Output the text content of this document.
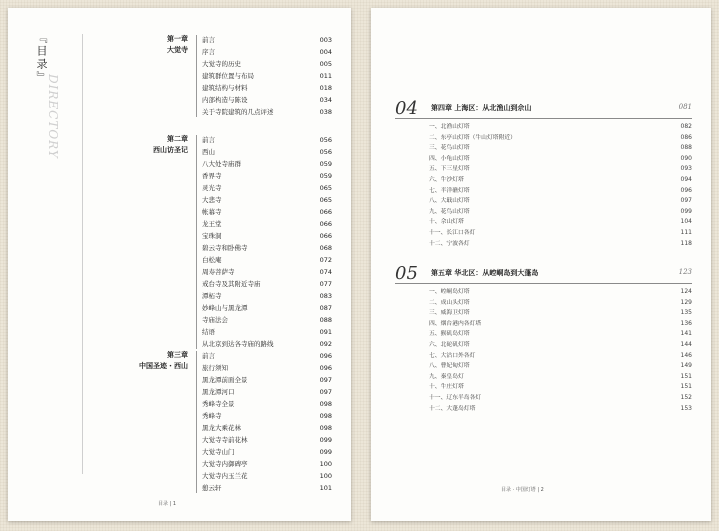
『目录』
DIRECTORY
第一章
大觉寺
前言	003
序言	004
大觉寺的历史	005
建筑群位置与布局	011
建筑结构与材料	018
内部构造与陈设	034
关于寺院建筑的几点评述	038
第二章
西山访圣记
前言	056
西山	056
八大处寺庙群	059
香界寺	059
灵光寺	065
大悲寺	065
帐幕寺	066
龙王堂	066
宝珠洞	066
碧云寺和卧佛寺	068
白松庵	072
周寿菩萨寺	074
戒台寺及其附近寺庙	077
潭柘寺	083
妙峰山与黑龙潭	087
寺庙法会	088
结语	091
从北京到达各寺庙的路线	092
第三章
中国圣迹・西山
前言	096
旅行须知	096
黑龙潭前面全景	097
黑龙潭河口	097
秀峰寺全景	098
秀峰寺	098
黑龙大乘花林	098
大觉寺寺前花林	099
大觉寺山门	099
大觉寺内御碑亭	100
大觉寺内玉兰花	100
憩云轩	101
目录 | 1
04 第四章 上海区：从北渔山到佘山	081
一、北渔山灯塔	082
二、东亭山灯塔（牛山灯塔附近）	086
三、花鸟山灯塔	088
四、小龟山灯塔	090
五、下三星灯塔	093
六、牛沙灯塔	094
七、半洋礁灯塔	096
八、大戢山灯塔	097
九、花鸟山灯塔	099
十、佘山灯塔	104
十一、长江口各灯	111
十二、宁波各灯	118
05 第五章 华北区：从崆峒岛到大蓬岛	123
一、崆峒岛灯塔	124
二、成山头灯塔	129
三、威海卫灯塔	135
四、烟台港内各灯塔	136
五、猴矶岛灯塔	141
六、北砣矶灯塔	144
七、大沽口外各灯	146
八、曹妃甸灯塔	149
九、秦皇岛灯	151
十、牛庄灯塔	151
十一、辽东半岛各灯	152
十二、大蓬岛灯塔	153
目录 · 中国灯塔 | 2
